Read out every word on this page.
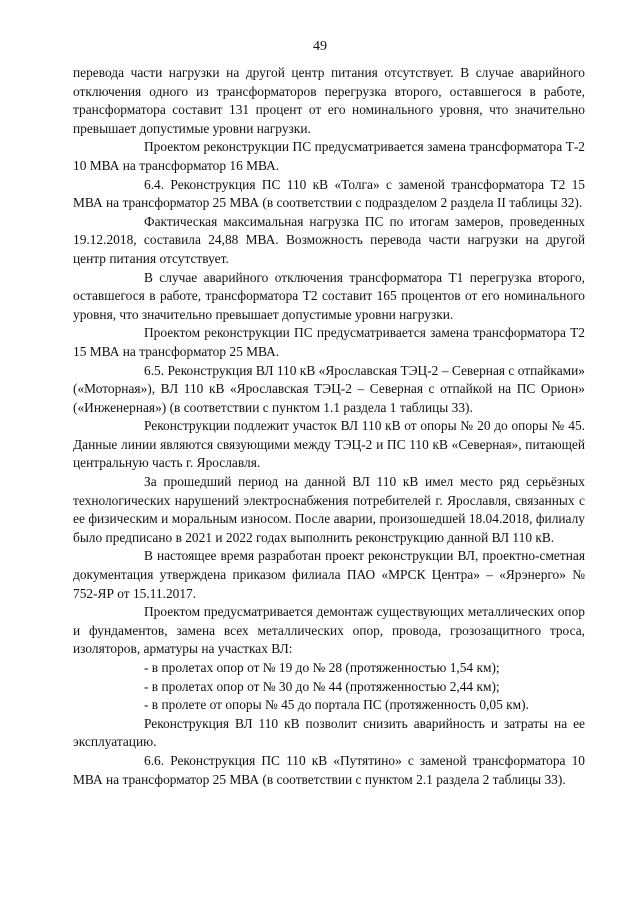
49

перевода части нагрузки на другой центр питания отсутствует. В случае аварийного отключения одного из трансформаторов перегрузка второго, оставшегося в работе, трансформатора составит 131 процент от его номинального уровня, что значительно превышает допустимые уровни нагрузки.

Проектом реконструкции ПС предусматривается замена трансформатора Т-2 10 МВА на трансформатор 16 МВА.

6.4. Реконструкция ПС 110 кВ «Толга» с заменой трансформатора Т2 15 МВА на трансформатор 25 МВА (в соответствии с подразделом 2 раздела II таблицы 32).

Фактическая максимальная нагрузка ПС по итогам замеров, проведенных 19.12.2018, составила 24,88 МВА. Возможность перевода части нагрузки на другой центр питания отсутствует.

В случае аварийного отключения трансформатора Т1 перегрузка второго, оставшегося в работе, трансформатора Т2 составит 165 процентов от его номинального уровня, что значительно превышает допустимые уровни нагрузки.

Проектом реконструкции ПС предусматривается замена трансформатора Т2 15 МВА на трансформатор 25 МВА.

6.5. Реконструкция ВЛ 110 кВ «Ярославская ТЭЦ-2 – Северная с отпайками» («Моторная»), ВЛ 110 кВ «Ярославская ТЭЦ-2 – Северная с отпайкой на ПС Орион» («Инженерная») (в соответствии с пунктом 1.1 раздела 1 таблицы 33).

Реконструкции подлежит участок ВЛ 110 кВ от опоры № 20 до опоры № 45. Данные линии являются связующими между ТЭЦ-2 и ПС 110 кВ «Северная», питающей центральную часть г. Ярославля.

За прошедший период на данной ВЛ 110 кВ имел место ряд серьёзных технологических нарушений электроснабжения потребителей г. Ярославля, связанных с ее физическим и моральным износом. После аварии, произошедшей 18.04.2018, филиалу было предписано в 2021 и 2022 годах выполнить реконструкцию данной ВЛ 110 кВ.

В настоящее время разработан проект реконструкции ВЛ, проектно-сметная документация утверждена приказом филиала ПАО «МРСК Центра» – «Ярэнерго» № 752-ЯР от 15.11.2017.

Проектом предусматривается демонтаж существующих металлических опор и фундаментов, замена всех металлических опор, провода, грозозащитного троса, изоляторов, арматуры на участках ВЛ:

- в пролетах опор от № 19 до № 28 (протяженностью 1,54 км);

- в пролетах опор от № 30 до № 44 (протяженностью 2,44 км);

- в пролете от опоры № 45 до портала ПС (протяженность 0,05 км).

Реконструкция ВЛ 110 кВ позволит снизить аварийность и затраты на ее эксплуатацию.

6.6. Реконструкция ПС 110 кВ «Путятино» с заменой трансформатора 10 МВА на трансформатор 25 МВА (в соответствии с пунктом 2.1 раздела 2 таблицы 33).
